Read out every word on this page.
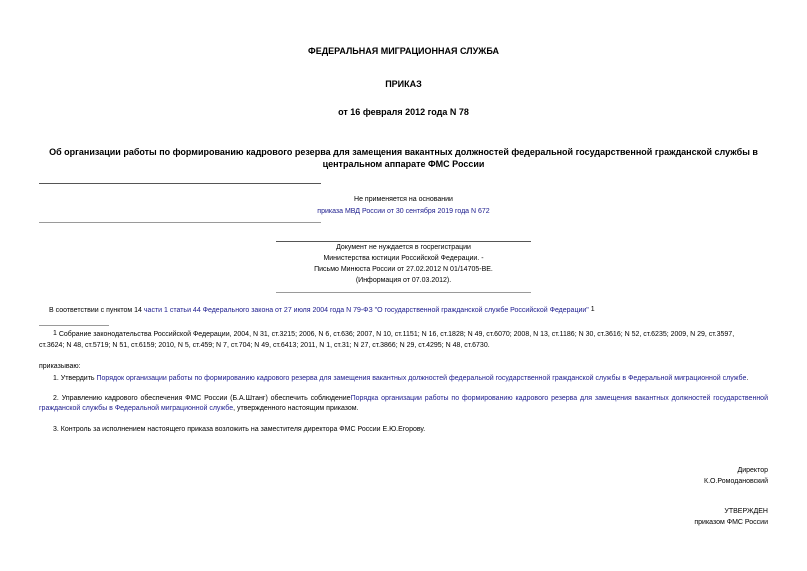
ФЕДЕРАЛЬНАЯ МИГРАЦИОННАЯ СЛУЖБА
ПРИКАЗ
от 16 февраля 2012 года N 78
Об организации работы по формированию кадрового резерва для замещения вакантных должностей федеральной государственной гражданской службы в
центральном аппарате ФМС России
Не применяется на основании
приказа МВД России от 30 сентября 2019 года N 672
Документ не нуждается в госрегистрации
Министерства юстиции Российской Федерации. -
Письмо Минюста России от 27.02.2012 N 01/14705-ВЕ.
(Информация от 07.03.2012).
В соответствии с пунктом 14 части 1 статьи 44 Федерального закона от 27 июля 2004 года N 79-ФЗ "О государственной гражданской службе Российской Федерации" 1
1 Собрание законодательства Российской Федерации, 2004, N 31, ст.3215; 2006, N 6, ст.636; 2007, N 10, ст.1151; N 16, ст.1828; N 49, ст.6070; 2008, N 13, ст.1186; N 30, ст.3616; N 52, ст.6235; 2009, N 29, ст.3597,
ст.3624; N 48, ст.5719; N 51, ст.6159; 2010, N 5, ст.459; N 7, ст.704; N 49, ст.6413; 2011, N 1, ст.31; N 27, ст.3866; N 29, ст.4295; N 48, ст.6730.
приказываю:
1. Утвердить Порядок организации работы по формированию кадрового резерва для замещения вакантных должностей федеральной государственной гражданской службы в Федеральной миграционной службе.
2. Управлению кадрового обеспечения ФМС России (Б.А.Штанг) обеспечить соблюдениеПорядка организации работы по формированию кадрового резерва для замещения вакантных должностей государственной гражданской службы в Федеральной миграционной службе, утвержденного настоящим приказом.
3. Контроль за исполнением настоящего приказа возложить на заместителя директора ФМС России Е.Ю.Егорову.
Директор
К.О.Ромодановский
УТВЕРЖДЕН
приказом ФМС России
